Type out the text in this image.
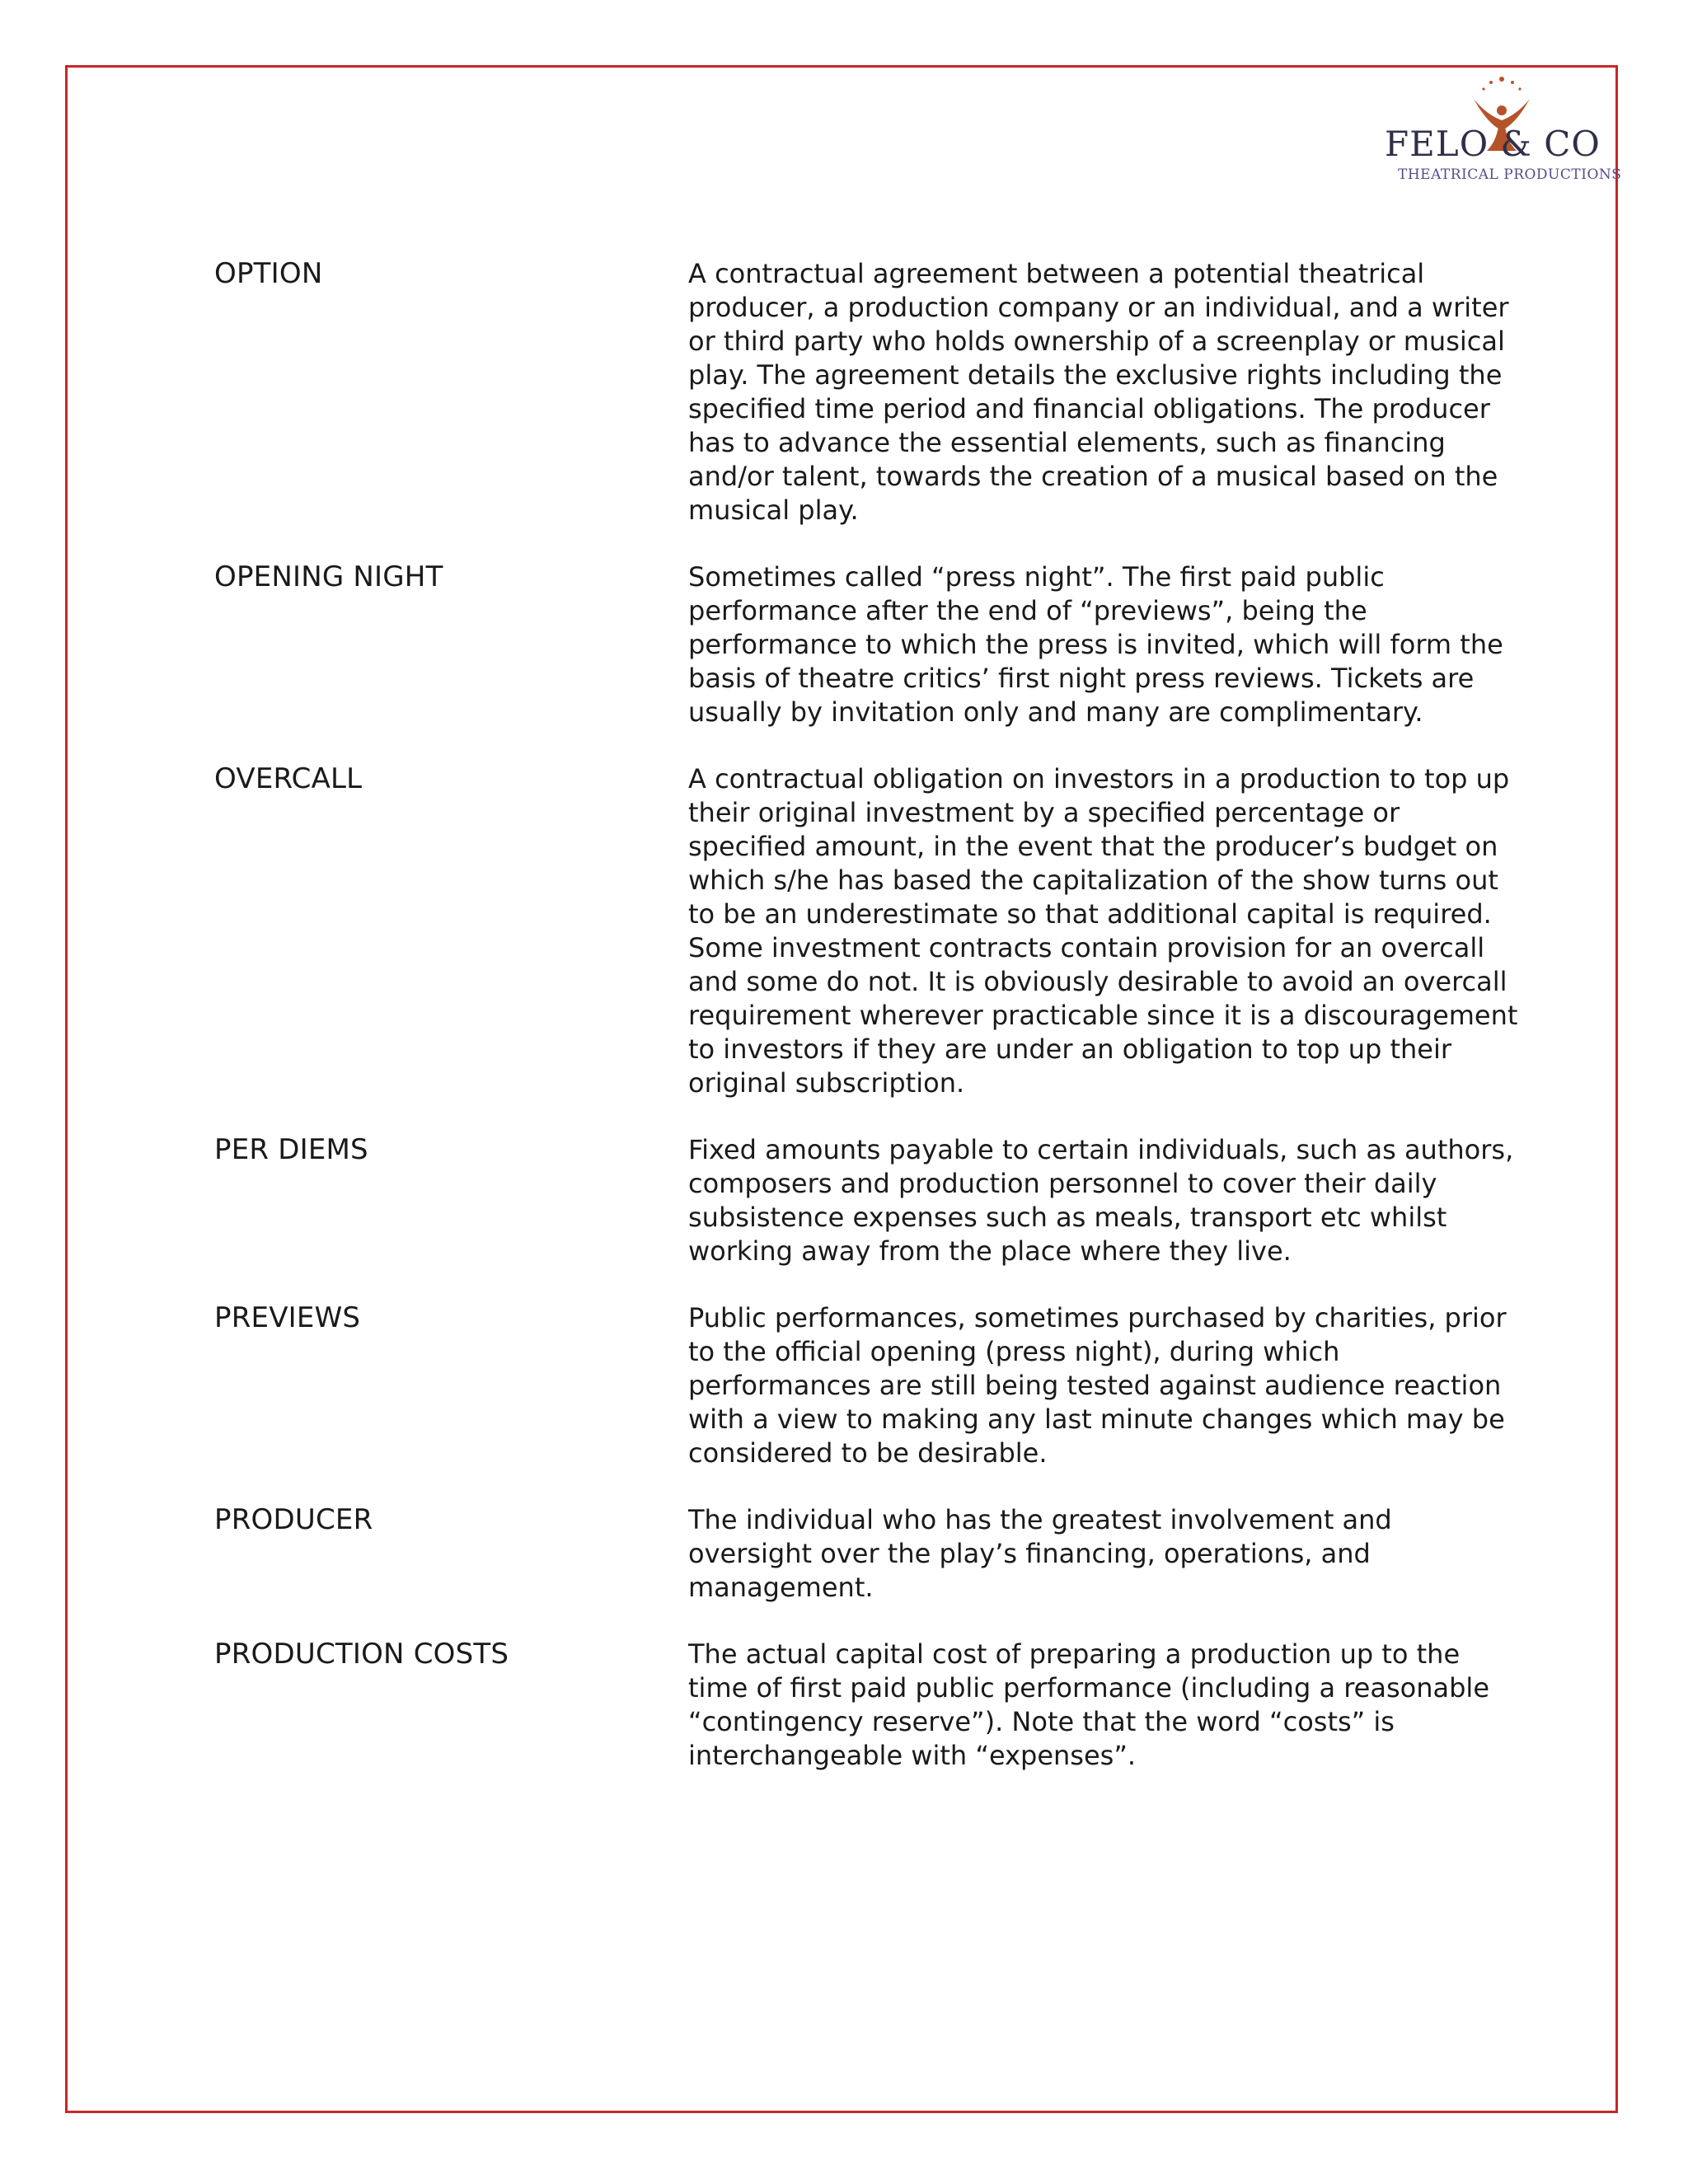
FELO & CO
THEATRICAL PRODUCTIONS
OPTION	A contractual agreement between a potential theatrical producer, a production company or an individual, and a writer or third party who holds ownership of a screenplay or musical play. The agreement details the exclusive rights including the specified time period and financial obligations. The producer has to advance the essential elements, such as financing and/or talent, towards the creation of a musical based on the musical play.
OPENING NIGHT	Sometimes called “press night”. The first paid public performance after the end of “previews”, being the performance to which the press is invited, which will form the basis of theatre critics’ first night press reviews. Tickets are usually by invitation only and many are complimentary.
OVERCALL	A contractual obligation on investors in a production to top up their original investment by a specified percentage or specified amount, in the event that the producer’s budget on which s/he has based the capitalization of the show turns out to be an underestimate so that additional capital is required. Some investment contracts contain provision for an overcall and some do not. It is obviously desirable to avoid an overcall requirement wherever practicable since it is a discouragement to investors if they are under an obligation to top up their original subscription.
PER DIEMS	Fixed amounts payable to certain individuals, such as authors, composers and production personnel to cover their daily subsistence expenses such as meals, transport etc whilst working away from the place where they live.
PREVIEWS	Public performances, sometimes purchased by charities, prior to the official opening (press night), during which performances are still being tested against audience reaction with a view to making any last minute changes which may be considered to be desirable.
PRODUCER	The individual who has the greatest involvement and oversight over the play’s financing, operations, and management.
PRODUCTION COSTS	The actual capital cost of preparing a production up to the time of first paid public performance (including a reasonable “contingency reserve”). Note that the word “costs” is interchangeable with “expenses”.
